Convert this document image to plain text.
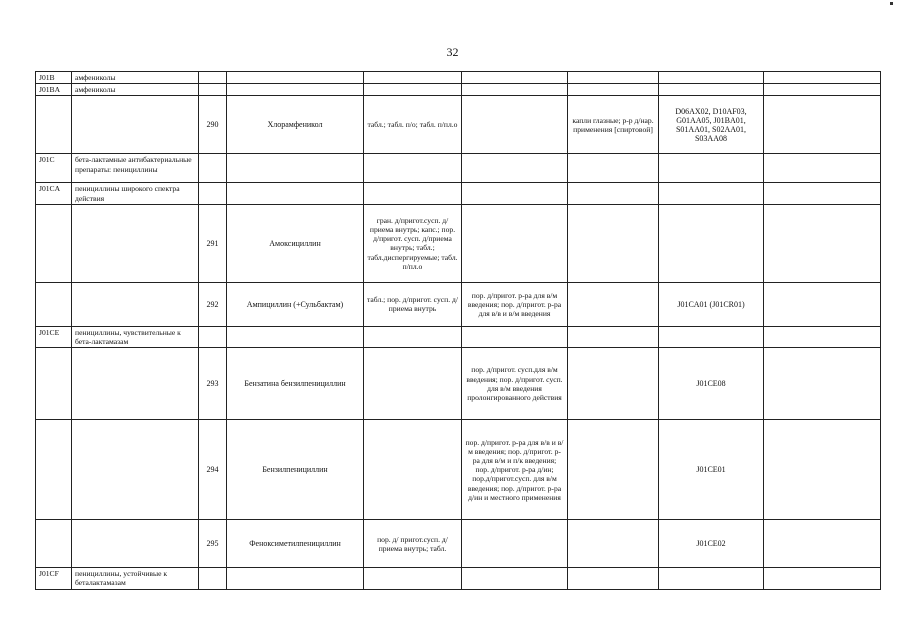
32
J01B	амфениколы							
J01BA	амфениколы							
		290	Хлорамфеникол	табл.; табл. п/о; табл. п/пл.о		капли глазные; р-р д/нар. применения [спиртовой]	D06AX02, D10AF03, G01AA05, J01BA01, S01AA01, S02AA01, S03AA08	
J01C	бета-лактамные антибактериальные препараты: пенициллины							
J01CA	пенициллины широкого спектра действия							
		291	Амоксициллин	гран. д/пригот.сусп. д/приема внутрь; капс.; пор. д/пригот. сусп. д/приема внутрь; табл.; табл.диспергируемые; табл. п/пл.о				
		292	Ампициллин (+Сульбактам)	табл.; пор. д/пригот. сусп. д/приема внутрь	пор. д/пригот. р-ра для в/м введения; пор. д/пригот. р-ра для в/в и в/м введения		J01CA01 (J01CR01)	
J01CE	пенициллины, чувствительные к бета-лактамазам							
		293	Бензатина бензилпенициллин		пор. д/пригот. сусп.для в/м введения; пор. д/пригот. сусп. для в/м введения пролонгированного действия		J01CE08	
		294	Бензилпенициллин		пор. д/пригот. р-ра для в/в и в/м введения; пор. д/пригот. р-ра для в/м и п/к введения; пор. д/пригот. р-ра д/ин; пор.д/пригот.сусп. для в/м введения; пор. д/пригот. р-ра д/ин и местного применения		J01CE01	
		295	Феноксиметилпенициллин	пор. д/ пригот.сусп. д/приема внутрь; табл.			J01CE02	
J01CF	пенициллины, устойчивые к беталактамазам							
